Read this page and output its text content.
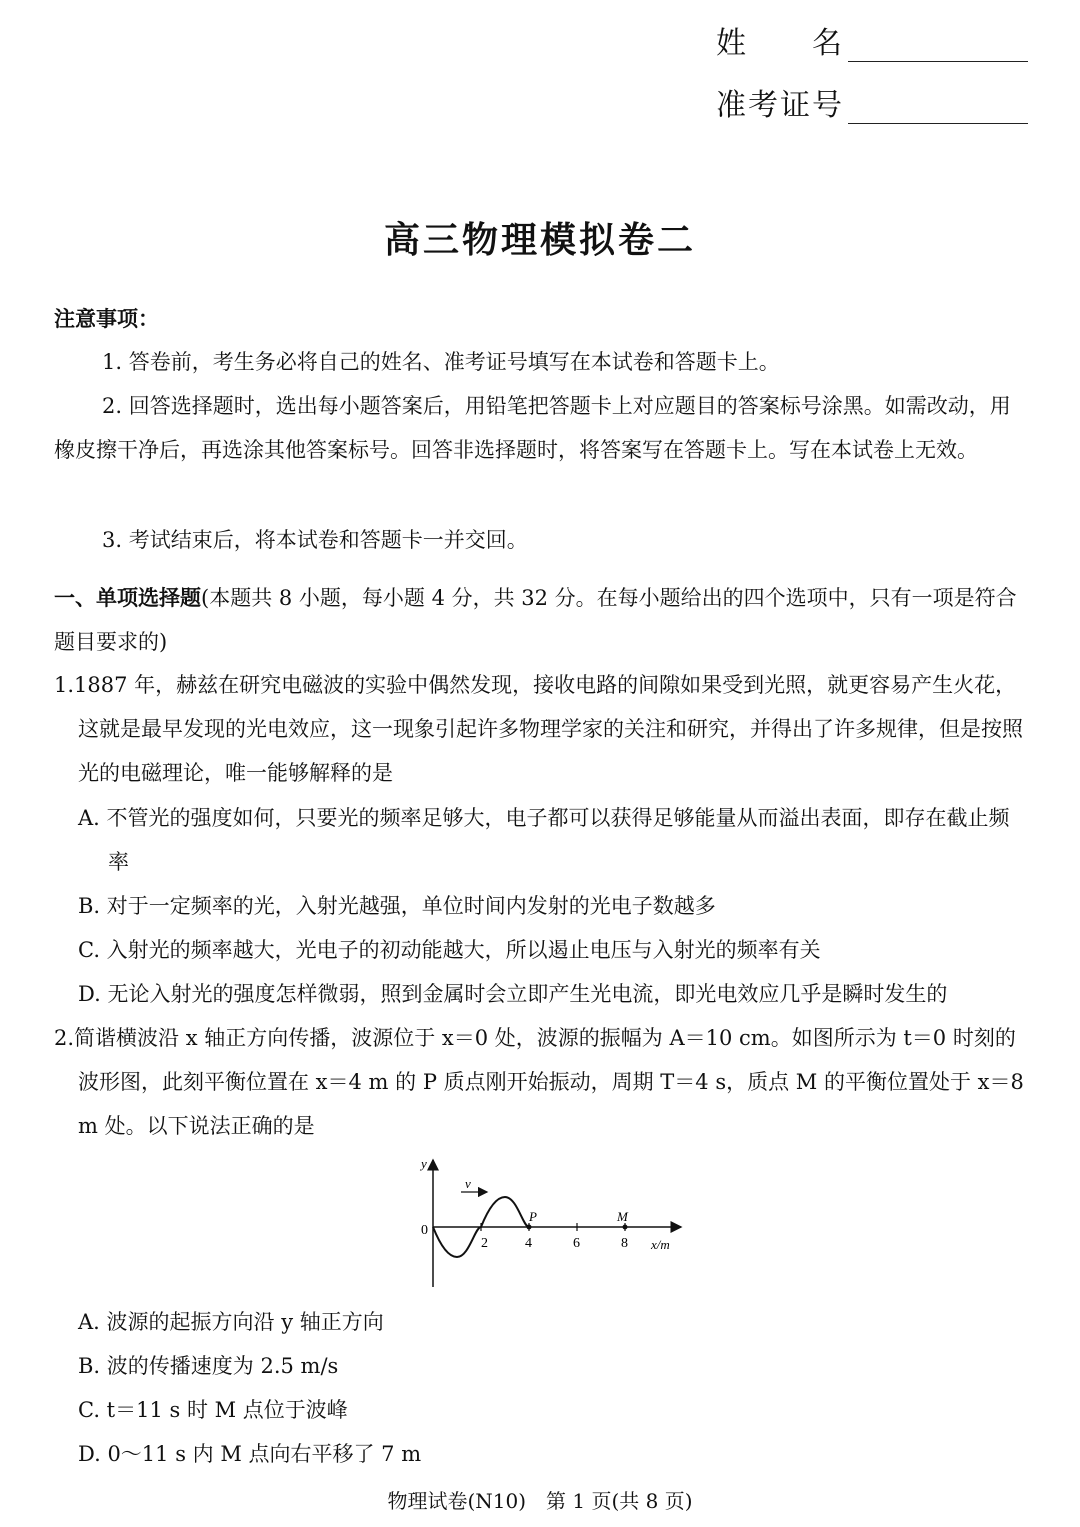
姓　　名
准考证号
高三物理模拟卷二
注意事项：
1. 答卷前，考生务必将自己的姓名、准考证号填写在本试卷和答题卡上。
2. 回答选择题时，选出每小题答案后，用铅笔把答题卡上对应题目的答案标号涂黑。如需改动，用橡皮擦干净后，再选涂其他答案标号。回答非选择题时，将答案写在答题卡上。写在本试卷上无效。
3. 考试结束后，将本试卷和答题卡一并交回。
一、单项选择题(本题共 8 小题，每小题 4 分，共 32 分。在每小题给出的四个选项中，只有一项是符合题目要求的)
1.1887 年，赫兹在研究电磁波的实验中偶然发现，接收电路的间隙如果受到光照，就更容易产生火花，这就是最早发现的光电效应，这一现象引起许多物理学家的关注和研究，并得出了许多规律，但是按照光的电磁理论，唯一能够解释的是
A. 不管光的强度如何，只要光的频率足够大，电子都可以获得足够能量从而溢出表面，即存在截止频率
B. 对于一定频率的光，入射光越强，单位时间内发射的光电子数越多
C. 入射光的频率越大，光电子的初动能越大，所以遏止电压与入射光的频率有关
D. 无论入射光的强度怎样微弱，照到金属时会立即产生光电流，即光电效应几乎是瞬时发生的
2.简谐横波沿 x 轴正方向传播，波源位于 x＝0 处，波源的振幅为 A＝10 cm。如图所示为 t＝0 时刻的波形图，此刻平衡位置在 x＝4 m 的 P 质点刚开始振动，周期 T＝4 s，质点 M 的平衡位置处于 x＝8 m 处。以下说法正确的是
y
0
v
2	4	6	8 x/m
P	M
A. 波源的起振方向沿 y 轴正方向
B. 波的传播速度为 2.5 m/s
C. t＝11 s 时 M 点位于波峰
D. 0～11 s 内 M 点向右平移了 7 m
物理试卷(N10)　第 1 页(共 8 页)
